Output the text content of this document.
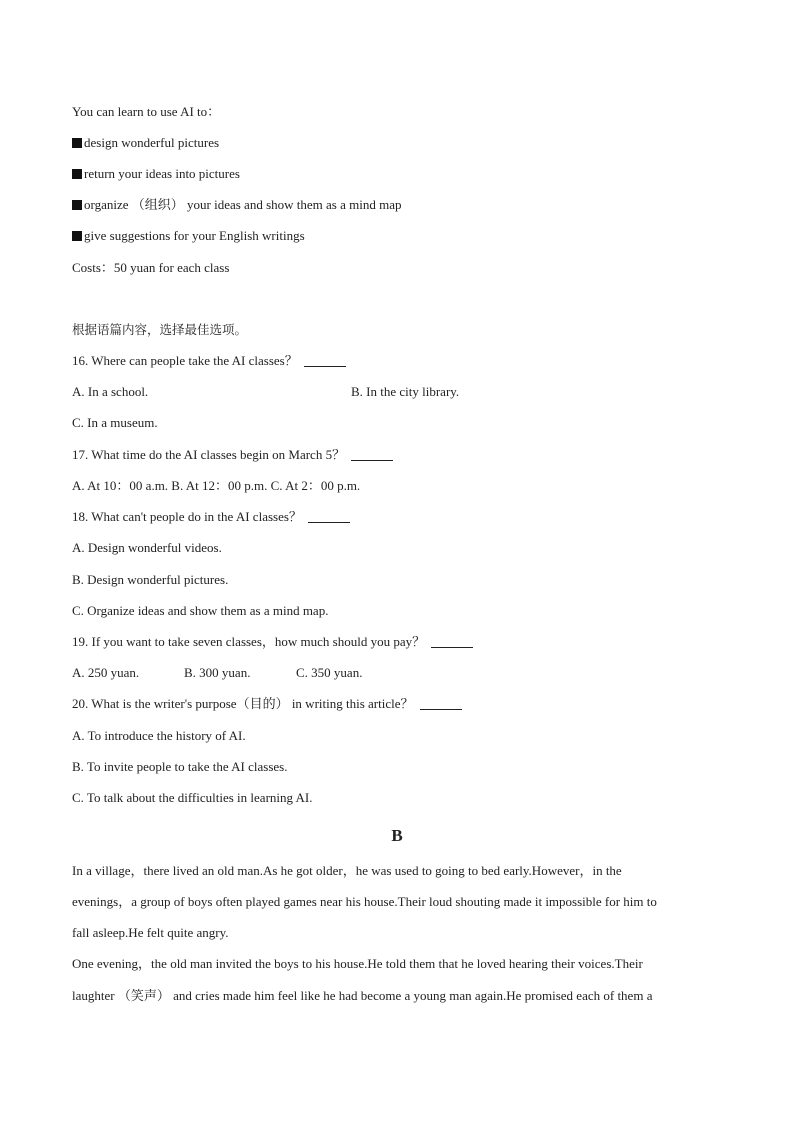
You can learn to use AI to：
design wonderful pictures
return your ideas into pictures
organize （组织） your ideas and show them as a mind map
give suggestions for your English writings
Costs：50 yuan for each class
根据语篇内容，选择最佳选项。
16. Where can people take the AI classes？
A. In a school.	B. In the city library.
C. In a museum.
17. What time do the AI classes begin on March 5？
A. At 10：00 a.m. B. At 12：00 p.m. C. At 2：00 p.m.
18. What can't people do in the AI classes？
A. Design wonderful videos.
B. Design wonderful pictures.
C. Organize ideas and show them as a mind map.
19. If you want to take seven classes，how much should you pay？
A. 250 yuan.	B. 300 yuan.	C. 350 yuan.
20. What is the writer's purpose（目的） in writing this article？
A. To introduce the history of AI.
B. To invite people to take the AI classes.
C. To talk about the difficulties in learning AI.
B
In a village，there lived an old man.As he got older，he was used to going to bed early.However，in the
evenings，a group of boys often played games near his house.Their loud shouting made it impossible for him to
fall asleep.He felt quite angry.
One evening，the old man invited the boys to his house.He told them that he loved hearing their voices.Their
laughter （笑声） and cries made him feel like he had become a young man again.He promised each of them a
